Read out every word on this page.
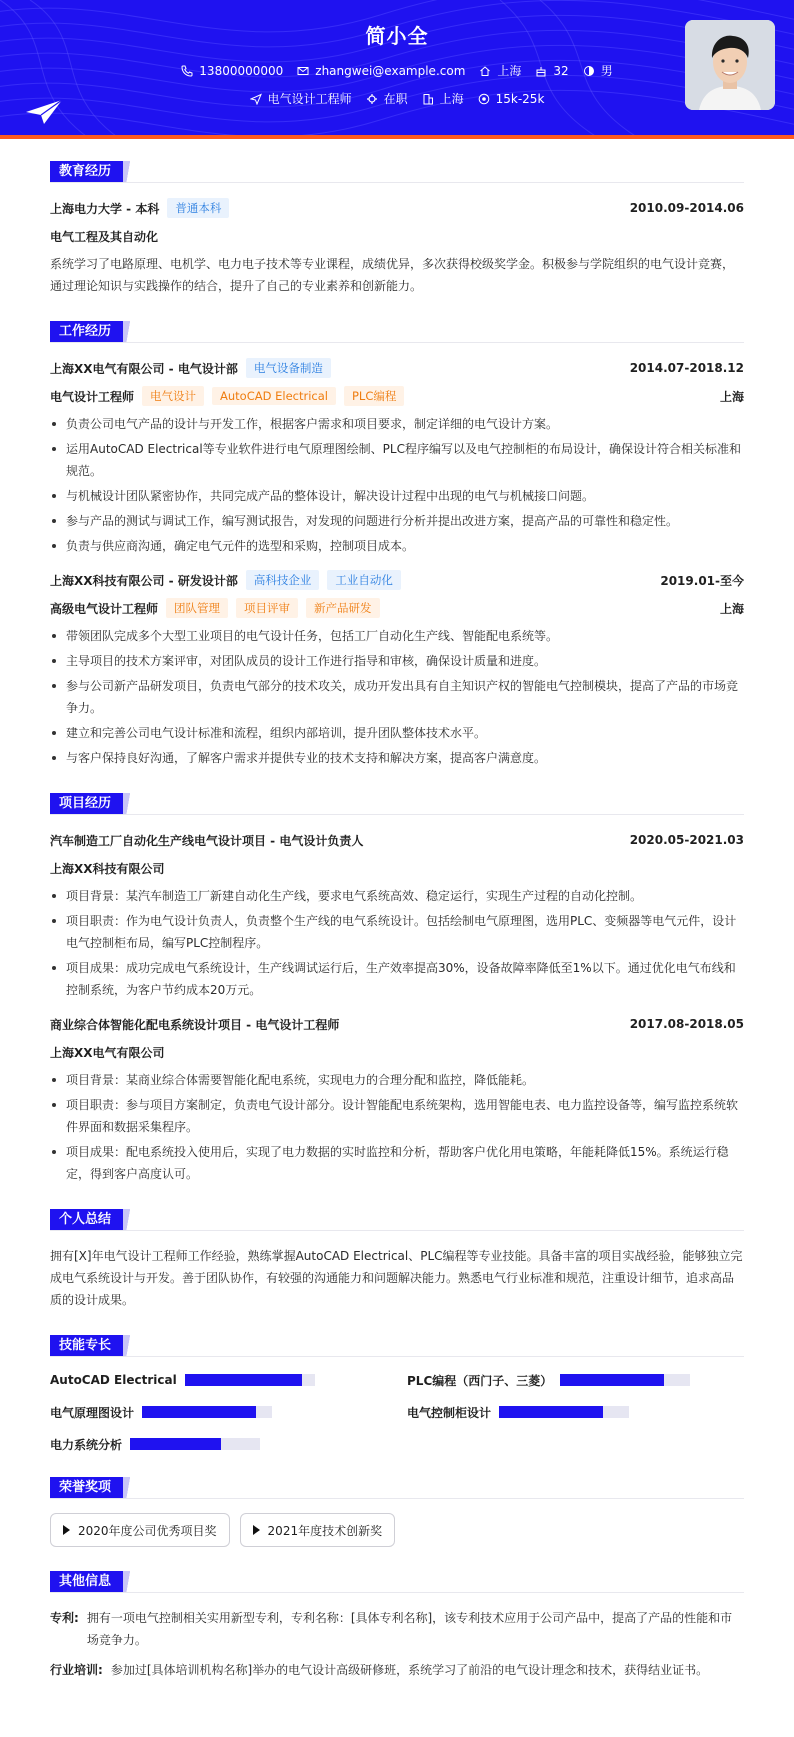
简小全
13800000000	zhangwei@example.com	上海	32	男
电气设计工程师	在职	上海	15k-25k
教育经历
上海电力大学 - 本科	普通本科	2010.09-2014.06
电气工程及其自动化
系统学习了电路原理、电机学、电力电子技术等专业课程，成绩优异，多次获得校级奖学金。积极参与学院组织的电气设计竞赛，通过理论知识与实践操作的结合，提升了自己的专业素养和创新能力。
工作经历
上海XX电气有限公司 - 电气设计部	电气设备制造	2014.07-2018.12
电气设计工程师	电气设计	AutoCAD Electrical	PLC编程	上海
负责公司电气产品的设计与开发工作，根据客户需求和项目要求，制定详细的电气设计方案。
运用AutoCAD Electrical等专业软件进行电气原理图绘制、PLC程序编写以及电气控制柜的布局设计，确保设计符合相关标准和规范。
与机械设计团队紧密协作，共同完成产品的整体设计，解决设计过程中出现的电气与机械接口问题。
参与产品的测试与调试工作，编写测试报告，对发现的问题进行分析并提出改进方案，提高产品的可靠性和稳定性。
负责与供应商沟通，确定电气元件的选型和采购，控制项目成本。
上海XX科技有限公司 - 研发设计部	高科技企业	工业自动化	2019.01-至今
高级电气设计工程师	团队管理	项目评审	新产品研发	上海
带领团队完成多个大型工业项目的电气设计任务，包括工厂自动化生产线、智能配电系统等。
主导项目的技术方案评审，对团队成员的设计工作进行指导和审核，确保设计质量和进度。
参与公司新产品研发项目，负责电气部分的技术攻关，成功开发出具有自主知识产权的智能电气控制模块，提高了产品的市场竞争力。
建立和完善公司电气设计标准和流程，组织内部培训，提升团队整体技术水平。
与客户保持良好沟通，了解客户需求并提供专业的技术支持和解决方案，提高客户满意度。
项目经历
汽车制造工厂自动化生产线电气设计项目 - 电气设计负责人	2020.05-2021.03
上海XX科技有限公司
项目背景：某汽车制造工厂新建自动化生产线，要求电气系统高效、稳定运行，实现生产过程的自动化控制。
项目职责：作为电气设计负责人，负责整个生产线的电气系统设计。包括绘制电气原理图，选用PLC、变频器等电气元件，设计电气控制柜布局，编写PLC控制程序。
项目成果：成功完成电气系统设计，生产线调试运行后，生产效率提高30%，设备故障率降低至1%以下。通过优化电气布线和控制系统，为客户节约成本20万元。
商业综合体智能化配电系统设计项目 - 电气设计工程师	2017.08-2018.05
上海XX电气有限公司
项目背景：某商业综合体需要智能化配电系统，实现电力的合理分配和监控，降低能耗。
项目职责：参与项目方案制定，负责电气设计部分。设计智能配电系统架构，选用智能电表、电力监控设备等，编写监控系统软件界面和数据采集程序。
项目成果：配电系统投入使用后，实现了电力数据的实时监控和分析，帮助客户优化用电策略，年能耗降低15%。系统运行稳定，得到客户高度认可。
个人总结
拥有[X]年电气设计工程师工作经验，熟练掌握AutoCAD Electrical、PLC编程等专业技能。具备丰富的项目实战经验，能够独立完成电气系统设计与开发。善于团队协作，有较强的沟通能力和问题解决能力。熟悉电气行业标准和规范，注重设计细节，追求高品质的设计成果。
技能专长
AutoCAD Electrical	PLC编程（西门子、三菱）
电气原理图设计	电气控制柜设计
电力系统分析
荣誉奖项
2020年度公司优秀项目奖	2021年度技术创新奖
其他信息
专利: 拥有一项电气控制相关实用新型专利，专利名称：[具体专利名称]，该专利技术应用于公司产品中，提高了产品的性能和市场竞争力。
行业培训: 参加过[具体培训机构名称]举办的电气设计高级研修班，系统学习了前沿的电气设计理念和技术，获得结业证书。
